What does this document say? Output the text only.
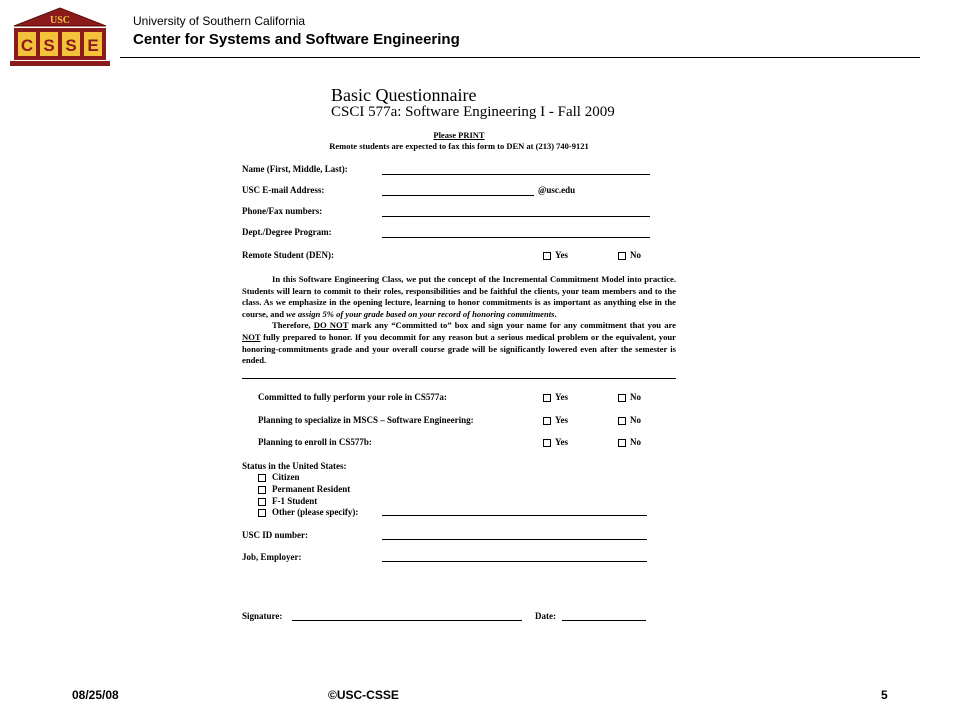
USC
C S S E
University of Southern California
Center for Systems and Software Engineering
Basic Questionnaire
CSCI 577a: Software Engineering I - Fall 2009
Please PRINT
Remote students are expected to fax this form to DEN at (213) 740-9121
Name (First, Middle, Last):
USC E-mail Address:	@usc.edu
Phone/Fax numbers:
Dept./Degree Program:
Remote Student (DEN):	Yes	No

In this Software Engineering Class, we put the concept of the Incremental Commitment Model into practice. Students will learn to commit to their roles, responsibilities and be faithful the clients, your team members and to the class. As we emphasize in the opening lecture, learning to honor commitments is as important as anything else in the course, and we assign 5% of your grade based on your record of honoring commitments.

Therefore, DO NOT mark any “Committed to” box and sign your name for any commitment that you are NOT fully prepared to honor. If you decommit for any reason but a serious medical problem or the equivalent, your honoring-commitments grade and your overall course grade will be significantly lowered even after the semester is ended.

Committed to fully perform your role in CS577a:	Yes	No
Planning to specialize in MSCS – Software Engineering:	Yes	No
Planning to enroll in CS577b:	Yes	No
Status in the United States:
Citizen
Permanent Resident
F-1 Student
Other (please specify):
USC ID number:
Job, Employer:
Signature:	Date:
08/25/08	©USC-CSSE	5
